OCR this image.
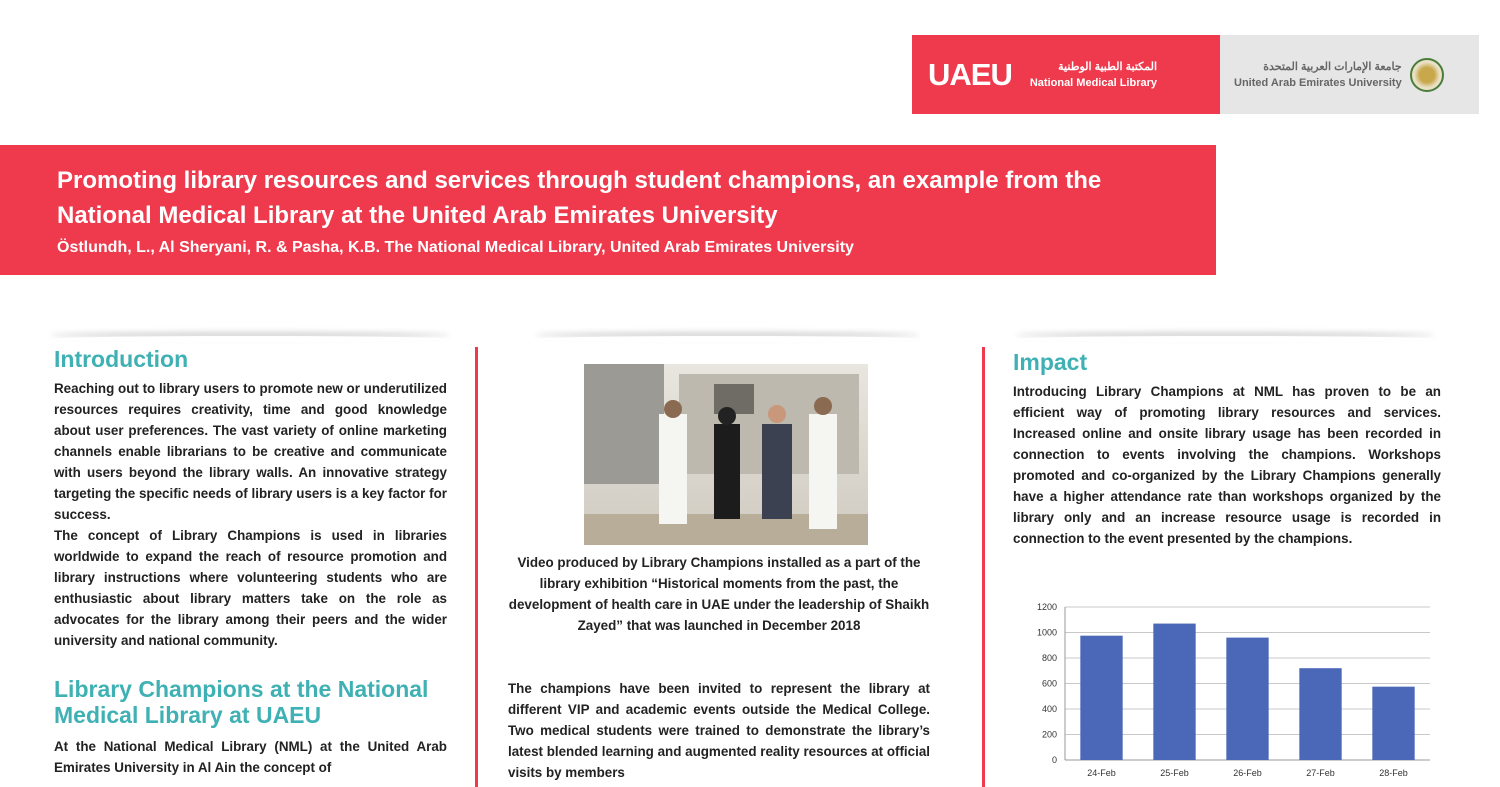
UAEU	المكتبة الطبية الوطنية
National Medical Library
جامعة الإمارات العربية المتحدة
United Arab Emirates University
Promoting library resources and services through student champions, an example from the National Medical Library at the United Arab Emirates University
Östlundh, L., Al Sheryani, R. & Pasha, K.B. The National Medical Library, United Arab Emirates University
Introduction

Reaching out to library users to promote new or underutilized resources requires creativity, time and good knowledge about user preferences. The vast variety of online marketing channels enable librarians to be creative and communicate with users beyond the library walls. An innovative strategy targeting the specific needs of library users is a key factor for success.

The concept of Library Champions is used in libraries worldwide to expand the reach of resource promotion and library instructions where volunteering students who are enthusiastic about library matters take on the role as advocates for the library among their peers and the wider university and national community.

Library Champions at the National Medical Library at UAEU

At the National Medical Library (NML) at the United Arab Emirates University in Al Ain the concept of

Video produced by Library Champions installed as a part of the library exhibition “Historical moments from the past, the development of health care in UAE under the leadership of Shaikh Zayed” that was launched in December 2018

The champions have been invited to represent the library at different VIP and academic events outside the Medical College. Two medical students were trained to demonstrate the library’s latest blended learning and augmented reality resources at official visits by members

Impact

Introducing Library Champions at NML has proven to be an efficient way of promoting library resources and services. Increased online and onsite library usage has been recorded in connection to events involving the champions. Workshops promoted and co-organized by the Library Champions generally have a higher attendance rate than workshops organized by the library only and an increase resource usage is recorded in connection to the event presented by the champions.

0
200
400
600
800
1000
1200
24-Feb	25-Feb	26-Feb	27-Feb	28-Feb
